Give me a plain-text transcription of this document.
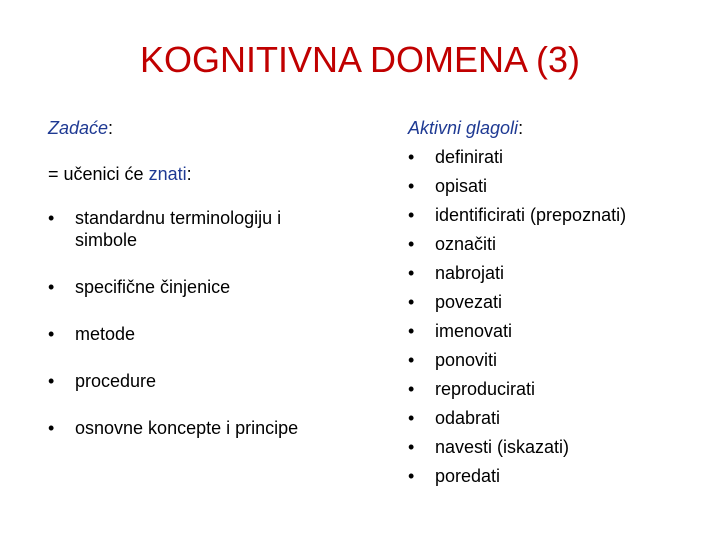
KOGNITIVNA DOMENA (3)
Zadaće:
= učenici će znati:
• standardnu terminologiju i simbole
• specifične činjenice
• metode
• procedure
• osnovne koncepte i principe
Aktivni glagoli:
• definirati
• opisati
• identificirati (prepoznati)
• označiti
• nabrojati
• povezati
• imenovati
• ponoviti
• reproducirati
• odabrati
• navesti (iskazati)
• poredati
